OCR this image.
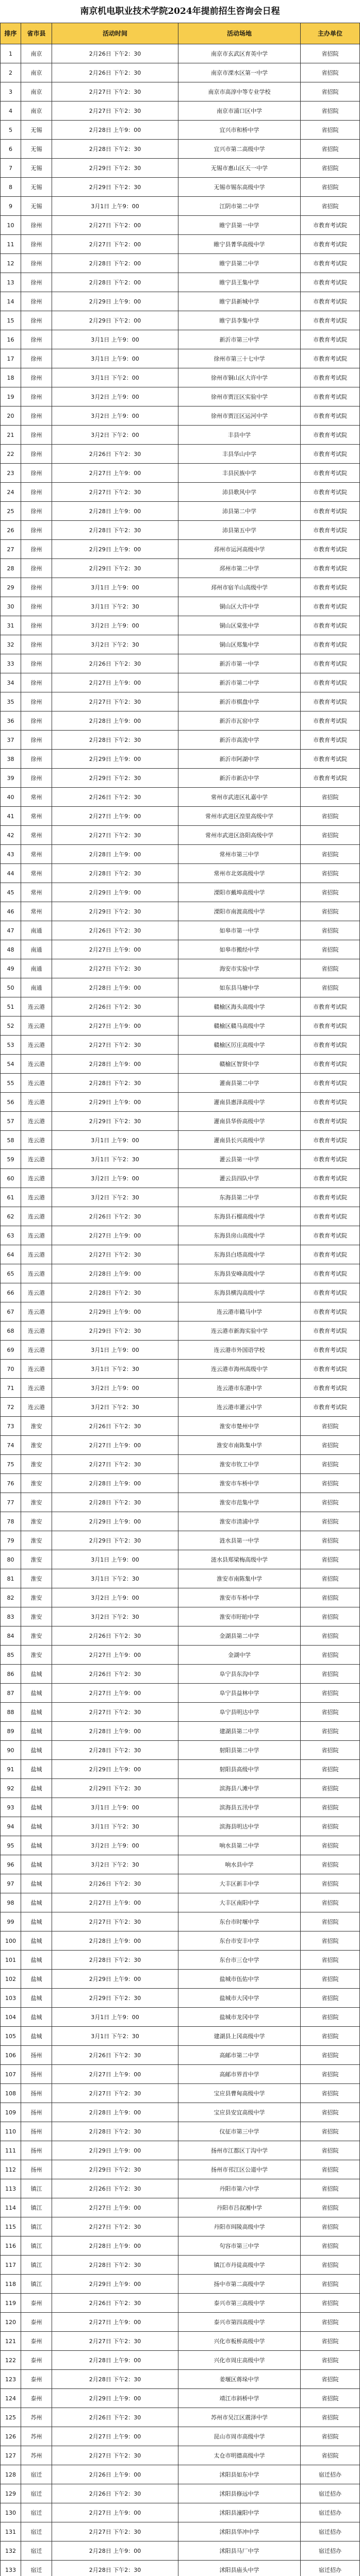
南京机电职业技术学院2024年提前招生咨询会日程
排序	省市县	活动时间	活动场地	主办单位
1	南京	2月26日 下午2：30	南京市玄武区育英中学	省招院
2	南京	2月26日 下午2：30	南京市溧水区第一中学	省招院
3	南京	2月27日 下午2：30	南京市高淳中等专业学校	省招院
4	南京	2月27日 下午2：30	南京市浦口区中学	省招院
5	无锡	2月28日 上午9：00	宜兴市和桥中学	省招院
6	无锡	2月28日 下午2：30	宜兴市第二高级中学	省招院
7	无锡	2月29日 下午2：30	无锡市惠山区天一中学	省招院
8	无锡	2月29日 下午2：30	无锡市锡东高级中学	省招院
9	无锡	3月1日 上午9：00	江阴市第二中学	省招院
10	徐州	2月27日 下午2：00	睢宁县第一中学	市教育考试院
11	徐州	2月27日 下午2：00	睢宁县菁华高级中学	市教育考试院
12	徐州	2月28日 下午2：00	睢宁县第二中学	市教育考试院
13	徐州	2月28日 下午2：00	睢宁县王集中学	市教育考试院
14	徐州	2月29日 上午9：00	睢宁县新城中学	市教育考试院
15	徐州	2月29日 下午2：00	睢宁县李集中学	市教育考试院
16	徐州	3月1日 上午9：00	新沂市第三中学	市教育考试院
17	徐州	3月1日 上午9：00	徐州市第三十七中学	市教育考试院
18	徐州	3月1日 下午2：00	徐州市铜山区大许中学	市教育考试院
19	徐州	3月2日 上午9：00	徐州市贾汪区实验中学	市教育考试院
20	徐州	3月2日 上午9：00	徐州市贾汪区运河中学	市教育考试院
21	徐州	3月2日 下午2：00	丰县中学	市教育考试院
22	徐州	2月26日 下午2：30	丰县华山中学	市教育考试院
23	徐州	2月27日 上午9：00	丰县民族中学	市教育考试院
24	徐州	2月27日 下午2：30	沛县歌风中学	市教育考试院
25	徐州	2月28日 上午9：00	沛县第二中学	市教育考试院
26	徐州	2月28日 下午2：30	沛县第五中学	市教育考试院
27	徐州	2月29日 上午9：00	邳州市运河高级中学	市教育考试院
28	徐州	2月29日 下午2：30	邳州市第二中学	市教育考试院
29	徐州	3月1日 上午9：00	邳州市宿羊山高级中学	市教育考试院
30	徐州	3月1日 下午2：30	铜山区大许中学	市教育考试院
31	徐州	3月2日 上午9：00	铜山区棠张中学	市教育考试院
32	徐州	3月2日 下午2：30	铜山区郑集中学	市教育考试院
33	徐州	2月26日 下午2：30	新沂市第一中学	市教育考试院
34	徐州	2月27日 上午9：00	新沂市第二中学	市教育考试院
35	徐州	2月27日 下午2：30	新沂市棋盘中学	市教育考试院
36	徐州	2月28日 上午9：00	新沂市瓦窑中学	市教育考试院
37	徐州	2月28日 下午2：30	新沂市高流中学	市教育考试院
38	徐州	2月29日 上午9：00	新沂市阿湖中学	市教育考试院
39	徐州	2月29日 下午2：30	新沂市新店中学	市教育考试院
40	常州	2月26日 下午2：30	常州市武进区礼嘉中学	省招院
41	常州	2月27日 上午9：00	常州市武进区湟里高级中学	省招院
42	常州	2月27日 下午2：30	常州市武进区洛阳高级中学	省招院
43	常州	2月28日 上午9：00	常州市第三中学	省招院
44	常州	2月28日 下午2：30	常州市北郊高级中学	省招院
45	常州	2月29日 上午9：00	溧阳市戴埠高级中学	省招院
46	常州	2月29日 下午2：30	溧阳市南渡高级中学	省招院
47	南通	2月26日 下午2：30	如皋市第一中学	省招院
48	南通	2月27日 上午9：00	如皋市搬经中学	省招院
49	南通	2月27日 下午2：30	海安市实验中学	省招院
50	南通	2月28日 上午9：00	如东县马塘中学	省招院
51	连云港	2月26日 下午2：30	赣榆区海头高级中学	市教育考试院
52	连云港	2月27日 上午9：00	赣榆区赣马高级中学	市教育考试院
53	连云港	2月27日 下午2：30	赣榆区厉庄高级中学	市教育考试院
54	连云港	2月28日 上午9：00	赣榆区智贤中学	市教育考试院
55	连云港	2月28日 下午2：30	灌南县第二中学	市教育考试院
56	连云港	2月29日 上午9：00	灌南县惠泽高级中学	市教育考试院
57	连云港	2月29日 下午2：30	灌南县华侨高级中学	市教育考试院
58	连云港	3月1日 上午9：00	灌南县长兴高级中学	市教育考试院
59	连云港	3月1日 下午2：30	灌云县第一中学	市教育考试院
60	连云港	3月2日 上午9：00	灌云县四队中学	市教育考试院
61	连云港	3月2日 下午2：30	东海县第二中学	市教育考试院
62	连云港	2月26日 下午2：30	东海县石榴高级中学	市教育考试院
63	连云港	2月27日 上午9：00	东海县房山高级中学	市教育考试院
64	连云港	2月27日 下午2：30	东海县白塔高级中学	市教育考试院
65	连云港	2月28日 上午9：00	东海县安峰高级中学	市教育考试院
66	连云港	2月28日 下午2：30	东海县横沟高级中学	市教育考试院
67	连云港	2月29日 上午9：00	连云港市赣马中学	市教育考试院
68	连云港	2月29日 下午2：30	连云港市新海实验中学	市教育考试院
69	连云港	3月1日 上午9：00	连云港市外国语学校	市教育考试院
70	连云港	3月1日 下午2：30	连云港市海州高级中学	市教育考试院
71	连云港	3月2日 上午9：00	连云港市东港中学	市教育考试院
72	连云港	3月2日 下午2：30	连云港市灌云中学	市教育考试院
73	淮安	2月26日 下午2：30	淮安市楚州中学	省招院
74	淮安	2月27日 上午9：00	淮安市南陈集中学	省招院
75	淮安	2月27日 下午2：30	淮安市钦工中学	省招院
76	淮安	2月28日 上午9：00	淮安市车桥中学	省招院
77	淮安	2月28日 下午2：30	淮安市范集中学	省招院
78	淮安	2月29日 上午9：00	淮安市清浦中学	省招院
79	淮安	2月29日 下午2：30	涟水县第一中学	省招院
80	淮安	3月1日 上午9：00	涟水县郑梁梅高级中学	省招院
81	淮安	3月1日 下午2：30	淮安市南陈集中学	省招院
82	淮安	3月2日 上午9：00	淮安市车桥中学	省招院
83	淮安	3月2日 下午2：30	淮安市盱眙中学	省招院
84	淮安	2月26日 下午2：30	金湖县第二中学	省招院
85	淮安	2月27日 上午9：00	金湖中学	省招院
86	盐城	2月26日 下午2：30	阜宁县东沟中学	省招院
87	盐城	2月27日 上午9：00	阜宁县益林中学	省招院
88	盐城	2月27日 下午2：30	阜宁县明达中学	省招院
89	盐城	2月28日 上午9：00	建湖县第二中学	省招院
90	盐城	2月28日 下午2：30	射阳县第二中学	省招院
91	盐城	2月29日 上午9：00	射阳县高级中学	省招院
92	盐城	2月29日 下午2：30	滨海县八滩中学	省招院
93	盐城	3月1日 上午9：00	滨海县五汛中学	省招院
94	盐城	3月1日 下午2：30	滨海县明达中学	省招院
95	盐城	3月2日 上午9：00	响水县第二中学	省招院
96	盐城	3月2日 下午2：30	响水县中学	省招院
97	盐城	2月26日 下午2：30	大丰区新丰中学	省招院
98	盐城	2月27日 上午9：00	大丰区南阳中学	省招院
99	盐城	2月27日 下午2：30	东台市时堰中学	省招院
100	盐城	2月28日 上午9：00	东台市安丰中学	省招院
101	盐城	2月28日 下午2：30	东台市三仓中学	省招院
102	盐城	2月29日 上午9：00	盐城市伍佑中学	省招院
103	盐城	2月29日 下午2：30	盐城市大冈中学	省招院
104	盐城	3月1日 上午9：00	盐城市龙冈中学	省招院
105	盐城	3月1日 下午2：30	建湖县上冈高级中学	省招院
106	扬州	2月26日 下午2：30	高邮市第二中学	省招院
107	扬州	2月27日 上午9：00	高邮市界首中学	省招院
108	扬州	2月27日 下午2：30	宝应县曹甸高级中学	省招院
109	扬州	2月28日 上午9：00	宝应县安宜高级中学	省招院
110	扬州	2月28日 下午2：30	仪征市第三中学	省招院
111	扬州	2月29日 上午9：00	扬州市江都区丁沟中学	省招院
112	扬州	2月29日 下午2：30	扬州市邗江区公道中学	省招院
113	镇江	2月26日 下午2：30	丹阳市第六中学	省招院
114	镇江	2月27日 上午9：00	丹阳市吕叔湘中学	省招院
115	镇江	2月27日 下午2：30	丹阳市珥陵高级中学	省招院
116	镇江	2月28日 上午9：00	句容市第三中学	省招院
117	镇江	2月28日 下午2：30	镇江市丹徒高级中学	省招院
118	镇江	2月29日 上午9：00	扬中市第二高级中学	省招院
119	泰州	2月26日 下午2：30	泰兴市第三高级中学	省招院
120	泰州	2月27日 上午9：00	泰兴市第四高级中学	省招院
121	泰州	2月27日 下午2：30	兴化市板桥高级中学	省招院
122	泰州	2月28日 上午9：00	兴化市周庄高级中学	省招院
123	泰州	2月28日 下午2：30	姜堰区蒋垛中学	省招院
124	泰州	2月29日 上午9：00	靖江市斜桥中学	省招院
125	苏州	2月26日 下午2：30	苏州市吴江区震泽中学	省招院
126	苏州	2月27日 上午9：00	昆山市周市高级中学	省招院
127	苏州	2月27日 下午2：30	太仓市明德高级中学	省招院
128	宿迁	2月26日 上午9：00	沭阳县如东中学	宿迁招办
129	宿迁	2月26日 下午2：30	沭阳县修远中学	宿迁招办
130	宿迁	2月27日 上午9：00	沭阳县潼阳中学	宿迁招办
131	宿迁	2月27日 下午2：30	沭阳县华冲中学	宿迁招办
132	宿迁	2月28日 上午9：00	沭阳县马厂中学	宿迁招办
133	宿迁	2月28日 下午2：30	沭阳县庙头中学	宿迁招办
